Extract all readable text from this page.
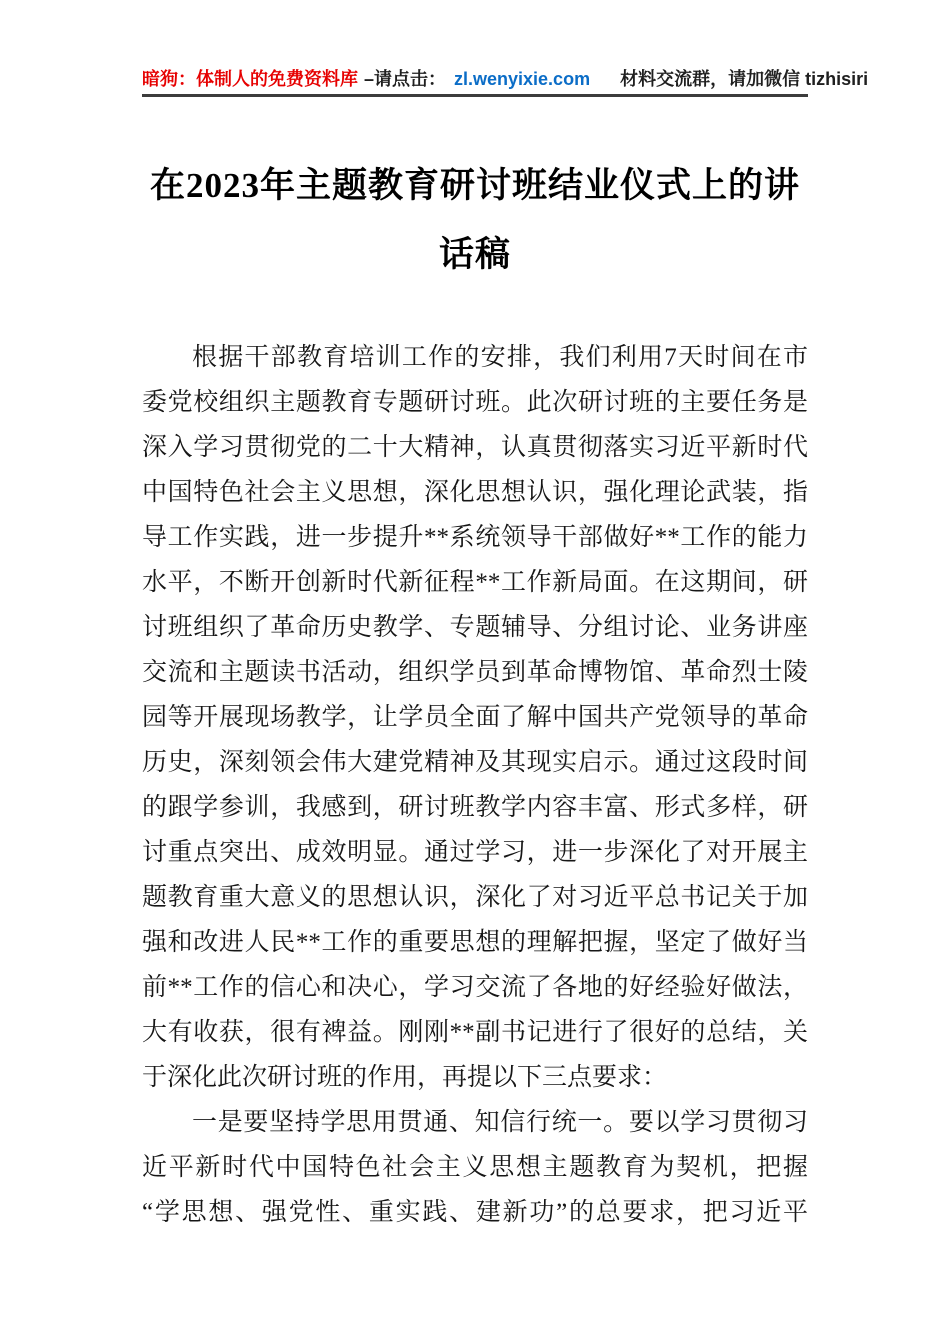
暗狗：体制人的免费资料库 –请点击： zl.wenyixie.com 材料交流群，请加微信 tizhisiri
在2023年主题教育研讨班结业仪式上的讲
话稿

根据干部教育培训工作的安排，我们利用7天时间在市
委党校组织主题教育专题研讨班。此次研讨班的主要任务是
深入学习贯彻党的二十大精神，认真贯彻落实习近平新时代
中国特色社会主义思想，深化思想认识，强化理论武装，指
导工作实践，进一步提升**系统领导干部做好**工作的能力
水平，不断开创新时代新征程**工作新局面。在这期间，研
讨班组织了革命历史教学、专题辅导、分组讨论、业务讲座
交流和主题读书活动，组织学员到革命博物馆、革命烈士陵
园等开展现场教学，让学员全面了解中国共产党领导的革命
历史，深刻领会伟大建党精神及其现实启示。通过这段时间
的跟学参训，我感到，研讨班教学内容丰富、形式多样，研
讨重点突出、成效明显。通过学习，进一步深化了对开展主
题教育重大意义的思想认识，深化了对习近平总书记关于加
强和改进人民**工作的重要思想的理解把握，坚定了做好当
前**工作的信心和决心，学习交流了各地的好经验好做法，
大有收获，很有裨益。刚刚**副书记进行了很好的总结，关
于深化此次研讨班的作用，再提以下三点要求：

一是要坚持学思用贯通、知信行统一。要以学习贯彻习
近平新时代中国特色社会主义思想主题教育为契机，把握
“学思想、强党性、重实践、建新功”的总要求，把习近平
